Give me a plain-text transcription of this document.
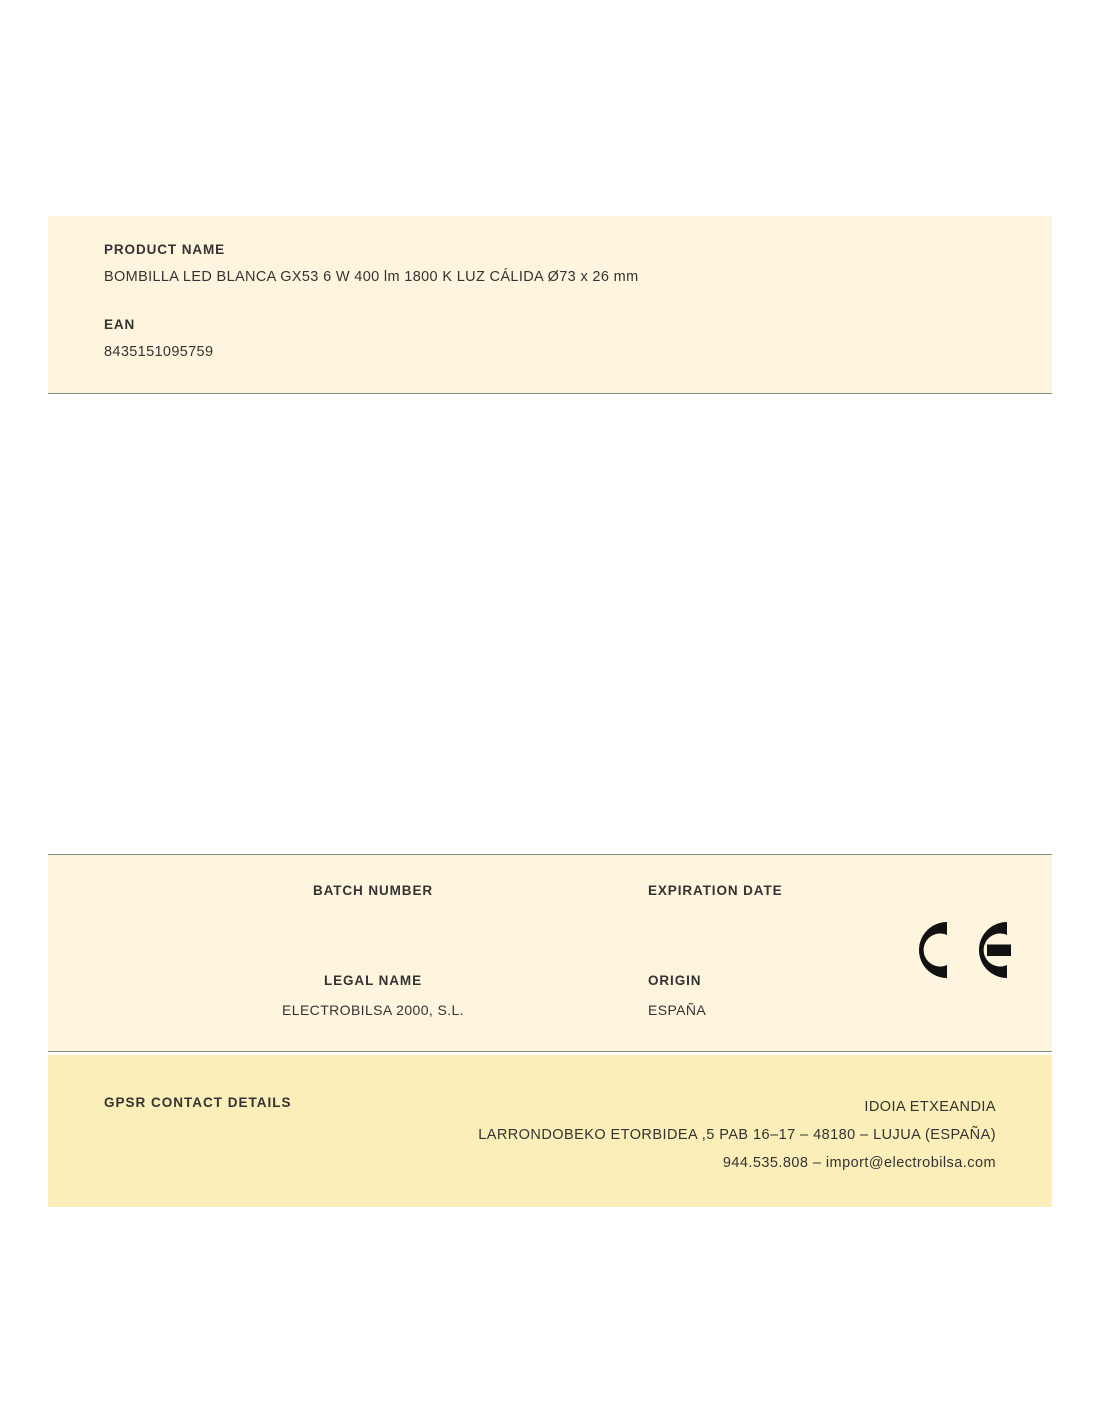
PRODUCT NAME

BOMBILLA LED BLANCA GX53 6 W 400 lm 1800 K LUZ CÁLIDA Ø73 x 26 mm

EAN

8435151095759

BATCH NUMBER	EXPIRATION DATE

LEGAL NAME

ELECTROBILSA 2000, S.L.

ORIGIN

ESPAÑA

GPSR CONTACT DETAILS	IDOIA ETXEANDIA
LARRONDOBEKO ETORBIDEA ,5 PAB 16–17 – 48180 – LUJUA (ESPAÑA)
944.535.808 – import@electrobilsa.com
